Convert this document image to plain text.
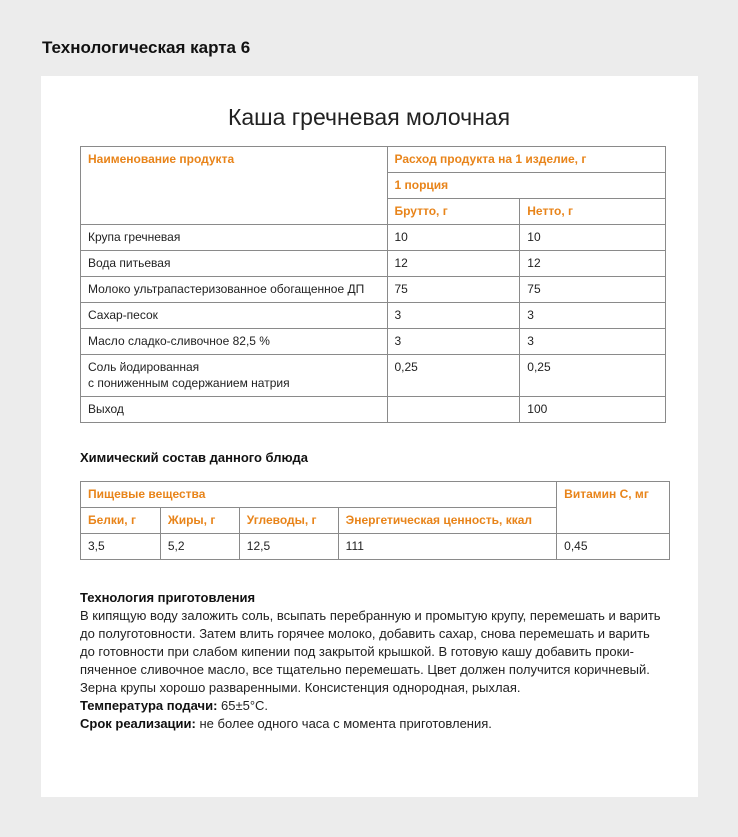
Технологическая карта 6
Каша гречневая молочная
Наименование продукта	Расход продукта на 1 изделие, г	
	1 порция	
	Брутто, г	Нетто, г
Крупа гречневая	10	10
Вода питьевая	12	12
Молоко ультрапастеризованное обогащенное ДП	75	75
Сахар-песок	3	3
Масло сладко-сливочное 82,5 %	3	3

Соль йодированная
с пониженным содержанием натрия	0,25	0,25
Выход		100
Химический состав данного блюда
Пищевые вещества				Витамин С, мг
Белки, г	Жиры, г	Углеводы, г	Энергетическая ценность, ккал	
3,5	5,2	12,5	111	0,45
Технология приготовления
В кипящую воду заложить соль, всыпать перебранную и промытую крупу, перемешать и варить
до полуготовности. Затем влить горячее молоко, добавить сахар, снова перемешать и варить
до готовности при слабом кипении под закрытой крышкой. В готовую кашу добавить проки-
пяченное сливочное масло, все тщательно перемешать. Цвет должен получится коричневый.
Зерна крупы хорошо разваренными. Консистенция однородная, рыхлая.
Температура подачи: 65±5°С.
Срок реализации: не более одного часа с момента приготовления.
